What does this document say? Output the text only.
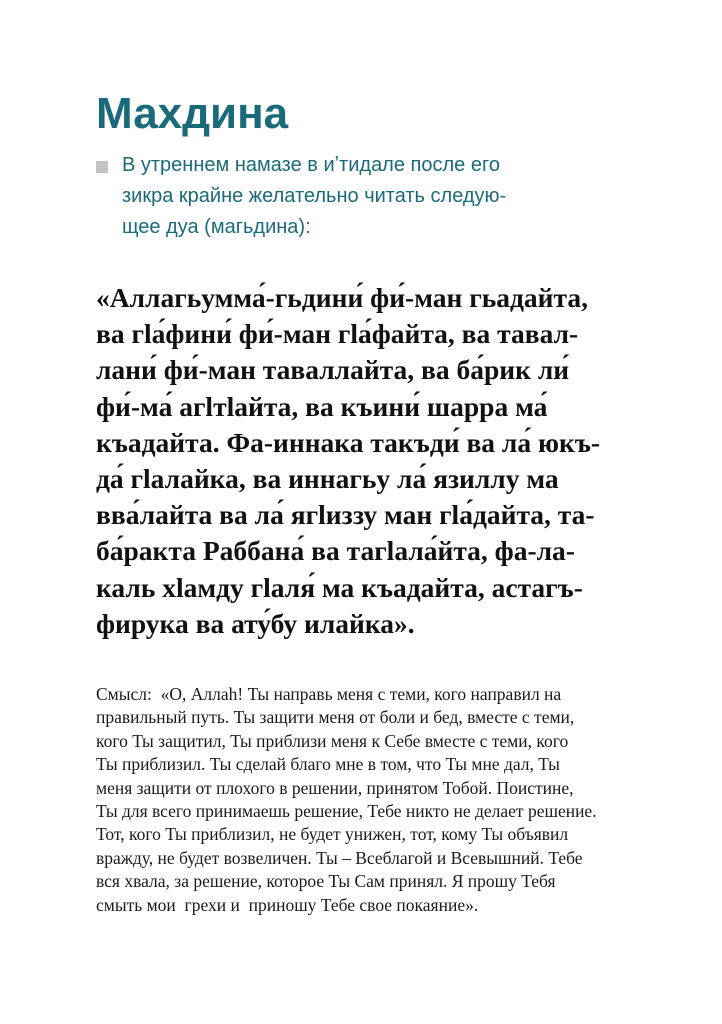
Махдина
В утреннем намазе в иʼтидале после его
зикра крайне желательно читать следую-
щее дуа (магьдина):
«Аллагьумма́-гьдини́ фи́-ман гьадайта,
ва гlа́фини́ фи́-ман гlа́файта, ва тавал-
лани́ фи́-ман таваллайта, ва ба́рик ли́
фи́-ма́ агlтlайта, ва къини́ шарра ма́
къадайта. Фа-иннака такъди́ ва ла́ юкъ-
да́ гlалайка, ва иннагьу ла́ язиллу ма
вва́лайта ва ла́ ягlиззу ман гlа́дайта, та-
ба́ракта Раббана́ ва тагlала́йта, фа-ла-
каль хlамду гlаля́ ма къадайта, астагъ-
фирука ва ату́бу илайка».
Смысл:  «О, Аллаh! Ты направь меня с теми, кого направил на
правильный путь. Ты защити меня от боли и бед, вместе с теми,
кого Ты защитил, Ты приблизи меня к Себе вместе с теми, кого
Ты приблизил. Ты сделай благо мне в том, что Ты мне дал, Ты
меня защити от плохого в решении, принятом Тобой. Поистине,
Ты для всего принимаешь решение, Тебе никто не делает решение.
Тот, кого Ты приблизил, не будет унижен, тот, кому Ты объявил
вражду, не будет возвеличен. Ты – Всеблагой и Всевышний. Тебе
вся хвала, за решение, которое Ты Сам принял. Я прошу Тебя
смыть мои  грехи и  приношу Тебе свое покаяние».
